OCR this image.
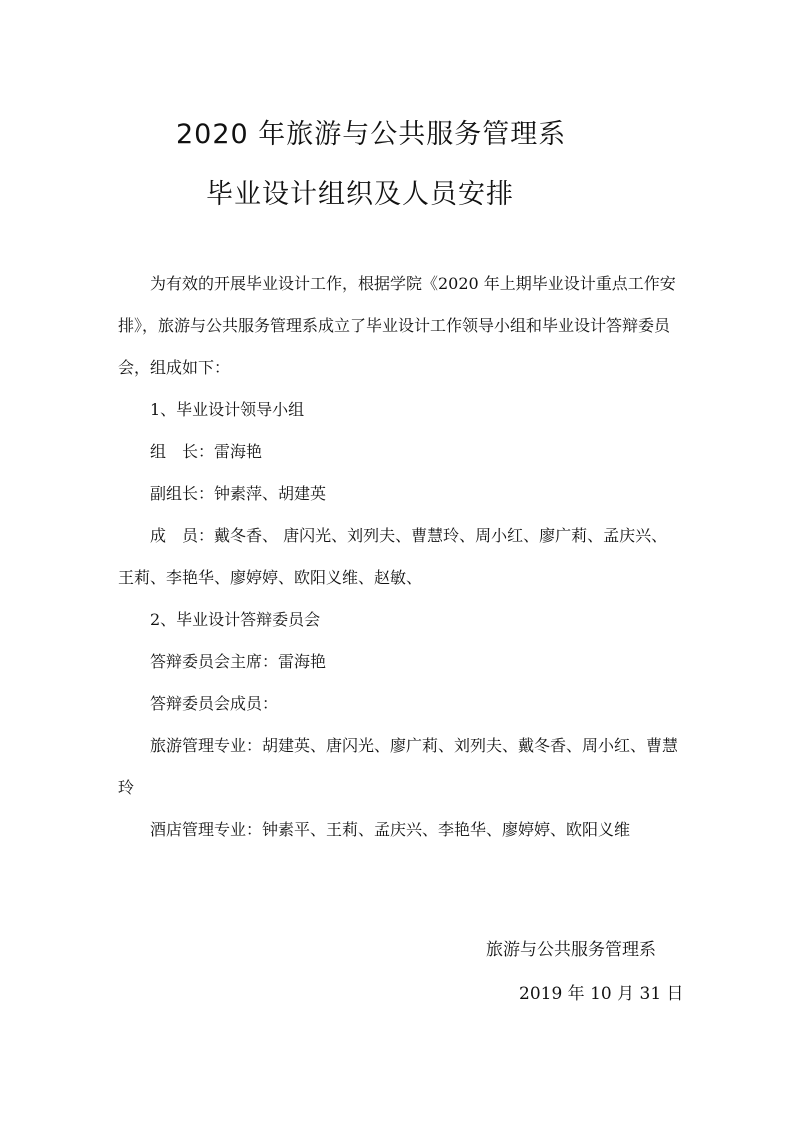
2020 年旅游与公共服务管理系
毕业设计组织及人员安排

为有效的开展毕业设计工作，根据学院《2020 年上期毕业设计重点工作安排》，旅游与公共服务管理系成立了毕业设计工作领导小组和毕业设计答辩委员会，组成如下：

1、毕业设计领导小组

组　长：雷海艳

副组长：钟素萍、胡建英

成　员：戴冬香、 唐闪光、刘列夫、曹慧玲、周小红、廖广莉、孟庆兴、王莉、李艳华、廖婷婷、欧阳义维、赵敏、

2、毕业设计答辩委员会

答辩委员会主席：雷海艳

答辩委员会成员：

旅游管理专业：胡建英、唐闪光、廖广莉、刘列夫、戴冬香、周小红、曹慧玲

酒店管理专业：钟素平、王莉、孟庆兴、李艳华、廖婷婷、欧阳义维

旅游与公共服务管理系
2019 年 10 月 31 日
